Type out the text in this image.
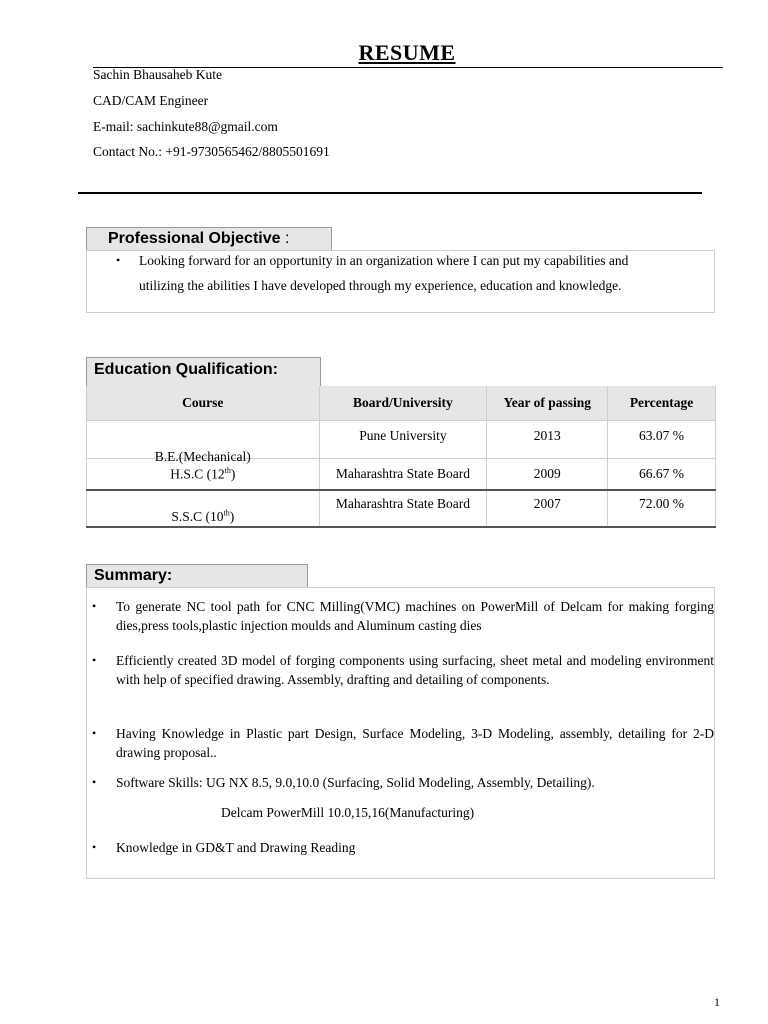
RESUME
Sachin Bhausaheb Kute
CAD/CAM Engineer
E-mail: sachinkute88@gmail.com
Contact No.: +91-9730565462/8805501691
Professional Objective :
• Looking forward for an opportunity in an organization where I can put my capabilities and
utilizing the abilities I have developed through my experience, education and knowledge.
Education Qualification:
Course	Board/University	Year of passing	Percentage
B.E.(Mechanical)	Pune University	2013	63.07 %
H.S.C (12th)	Maharashtra State Board	2009	66.67 %
S.S.C (10th)	Maharashtra State Board	2007	72.00 %
Summary:
• To generate NC tool path for CNC Milling(VMC) machines on PowerMill of Delcam for making forging dies,press tools,plastic injection moulds and Aluminum casting dies
• Efficiently created 3D model of forging components using surfacing, sheet metal and modeling environment with help of specified drawing. Assembly, drafting and detailing of components.
• Having Knowledge in Plastic part Design, Surface Modeling, 3-D Modeling, assembly, detailing for 2-D drawing proposal..
• Software Skills: UG NX 8.5, 9.0,10.0 (Surfacing, Solid Modeling, Assembly, Detailing).
Delcam PowerMill 10.0,15,16(Manufacturing)
• Knowledge in GD&T and Drawing Reading
1
